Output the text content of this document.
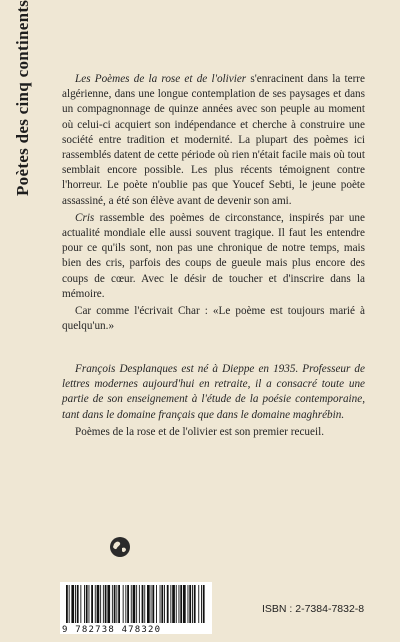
Poètes des cinq continents	Les Poèmes de la rose et de l'olivier s'enracinent dans la terre algérienne, dans une longue contemplation de ses paysages et dans un compagnonnage de quinze années avec son peuple au moment où celui-ci acquiert son indépendance et cherche à construire une société entre tradition et modernité. La plupart des poèmes ici rassemblés datent de cette période où rien n'était facile mais où tout semblait encore possible. Les plus récents témoignent contre l'horreur. Le poète n'oublie pas que Youcef Sebti, le jeune poète assassiné, a été son élève avant de devenir son ami.

Cris rassemble des poèmes de circonstance, inspirés par une actualité mondiale elle aussi souvent tragique. Il faut les entendre pour ce qu'ils sont, non pas une chronique de notre temps, mais bien des cris, parfois des coups de gueule mais plus encore des coups de cœur. Avec le désir de toucher et d'inscrire dans la mémoire.

Car comme l'écrivait Char : «Le poème est toujours marié à quelqu'un.»

François Desplanques est né à Dieppe en 1935. Professeur de lettres modernes aujourd'hui en retraite, il a consacré toute une partie de son enseignement à l'étude de la poésie contemporaine, tant dans le domaine français que dans le domaine maghrébin.

Poèmes de la rose et de l'olivier est son premier recueil.

9 782738 478320
ISBN : 2-7384-7832-8
